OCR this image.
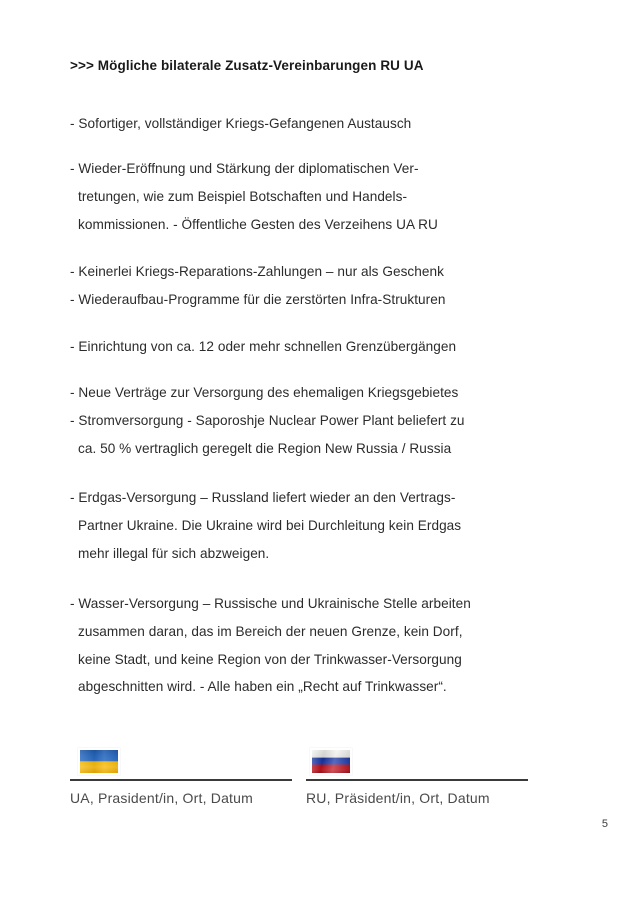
>>> Mögliche bilaterale Zusatz-Vereinbarungen RU UA
- Sofortiger, vollständiger Kriegs-Gefangenen Austausch
- Wieder-Eröffnung und Stärkung der diplomatischen Ver-
tretungen, wie zum Beispiel Botschaften und Handels-
kommissionen. - Öffentliche Gesten des Verzeihens UA RU
- Keinerlei Kriegs-Reparations-Zahlungen – nur als Geschenk
- Wiederaufbau-Programme für die zerstörten Infra-Strukturen
- Einrichtung von ca. 12 oder mehr schnellen Grenzübergängen
- Neue Verträge zur Versorgung des ehemaligen Kriegsgebietes
- Stromversorgung - Saporoshje Nuclear Power Plant beliefert zu
ca. 50 % vertraglich geregelt die Region New Russia / Russia
- Erdgas-Versorgung – Russland liefert wieder an den Vertrags-
Partner Ukraine. Die Ukraine wird bei Durchleitung kein Erdgas
mehr illegal für sich abzweigen.
- Wasser-Versorgung – Russische und Ukrainische Stelle arbeiten
zusammen daran, das im Bereich der neuen Grenze, kein Dorf,
keine Stadt, und keine Region von der Trinkwasser-Versorgung
abgeschnitten wird. - Alle haben ein „Recht auf Trinkwasser“.
UA, Prasident/in, Ort, Datum	RU, Präsident/in, Ort, Datum
5
